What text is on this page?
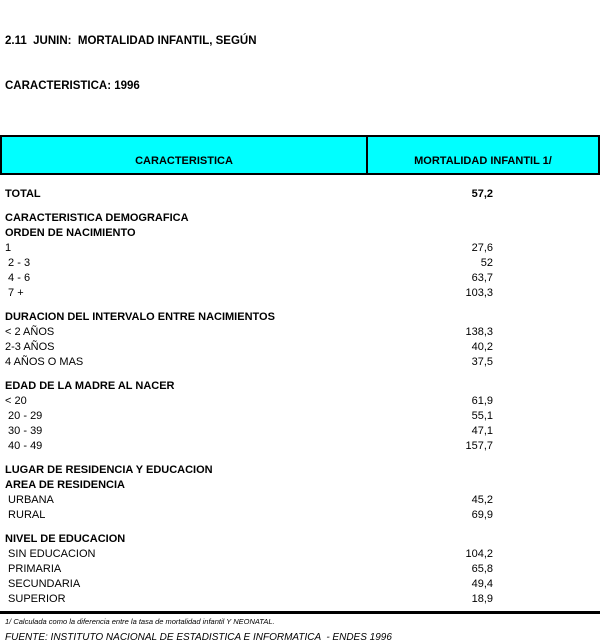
2.11  JUNIN:  MORTALIDAD INFANTIL, SEGÚN

CARACTERISTICA: 1996

CARACTERISTICA	MORTALIDAD INFANTIL 1/
TOTAL	57,2
CARACTERISTICA DEMOGRAFICA
ORDEN DE NACIMIENTO
1	27,6
2 - 3	52
4 - 6	63,7
7 +	103,3
DURACION DEL INTERVALO ENTRE NACIMIENTOS
< 2 AÑOS	138,3
2-3 AÑOS	40,2
4 AÑOS O MAS	37,5
EDAD DE LA MADRE AL NACER
< 20	61,9
20 - 29	55,1
30 - 39	47,1
40 - 49	157,7
LUGAR DE RESIDENCIA Y EDUCACION
AREA DE RESIDENCIA
URBANA	45,2
RURAL	69,9
NIVEL DE EDUCACION
SIN EDUCACION	104,2
PRIMARIA	65,8
SECUNDARIA	49,4
SUPERIOR	18,9
1/ Calculada como la diferencia entre la tasa de mortalidad infantil Y NEONATAL.
FUENTE: INSTITUTO NACIONAL DE ESTADISTICA E INFORMATICA  - ENDES 1996
